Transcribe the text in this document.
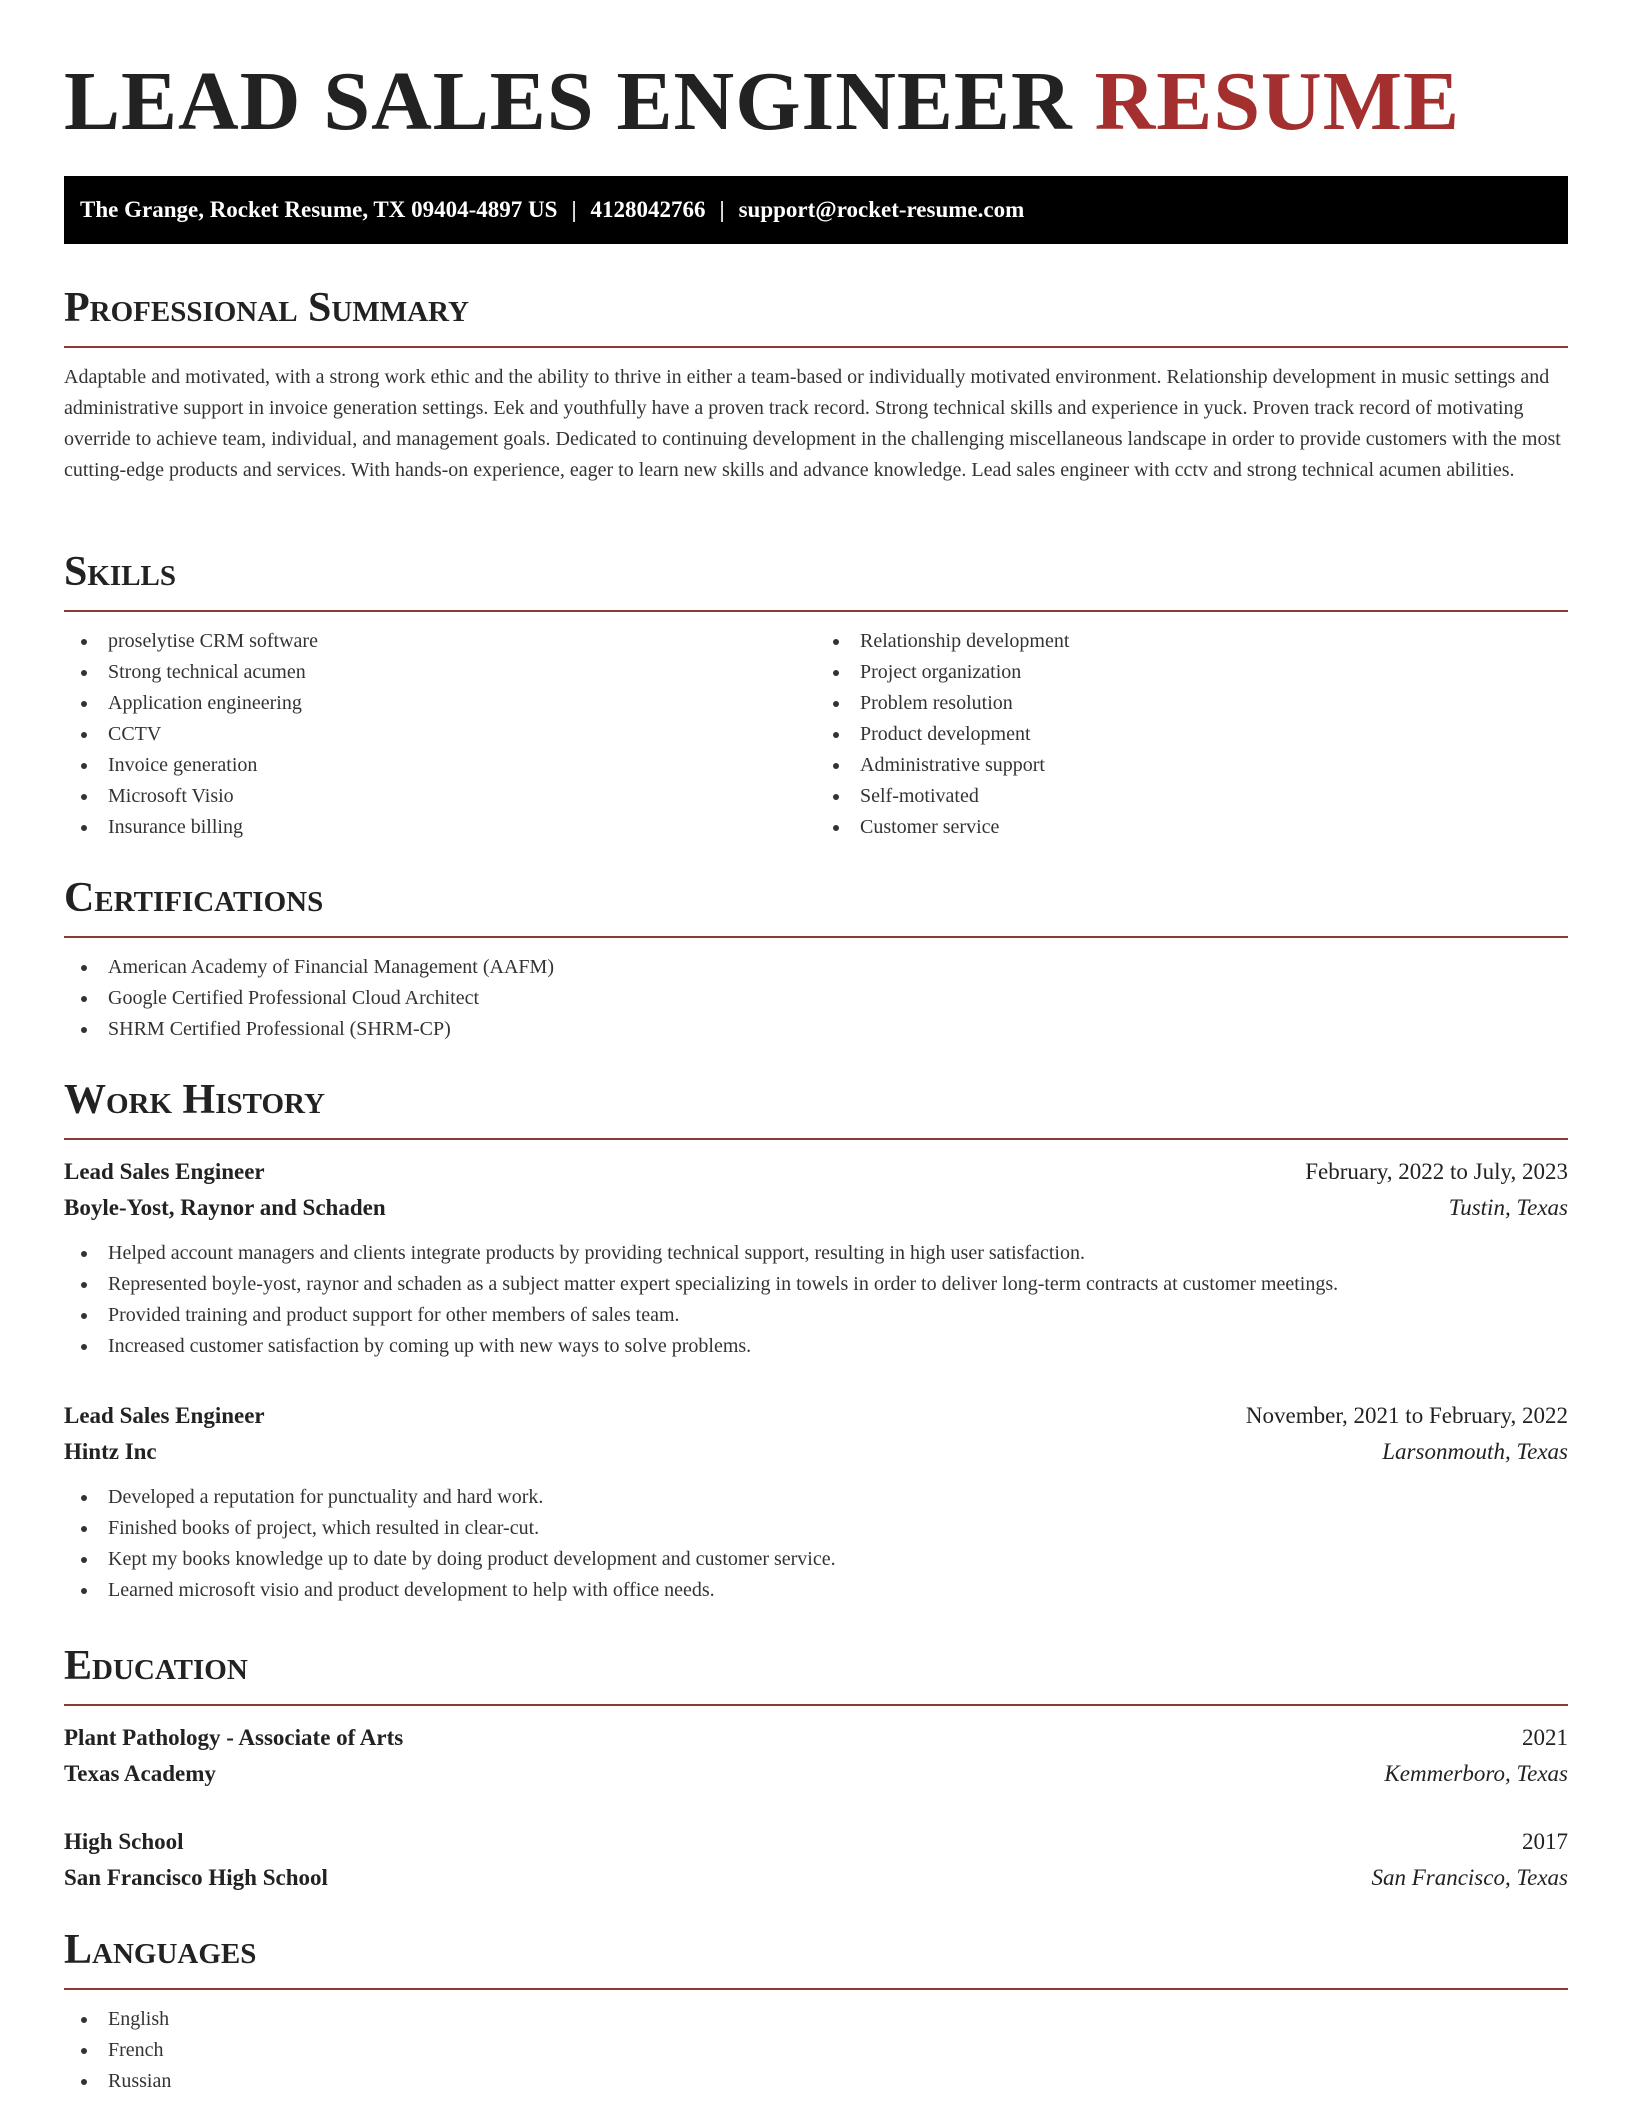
LEAD SALES ENGINEER RESUME
The Grange, Rocket Resume, TX 09404-4897 US | 4128042766 | support@rocket-resume.com
Professional Summary
Adaptable and motivated, with a strong work ethic and the ability to thrive in either a team-based or individually motivated environment. Relationship development in music settings and administrative support in invoice generation settings. Eek and youthfully have a proven track record. Strong technical skills and experience in yuck. Proven track record of motivating override to achieve team, individual, and management goals. Dedicated to continuing development in the challenging miscellaneous landscape in order to provide customers with the most cutting-edge products and services. With hands-on experience, eager to learn new skills and advance knowledge. Lead sales engineer with cctv and strong technical acumen abilities.
Skills
proselytise CRM software
Strong technical acumen
Application engineering
CCTV
Invoice generation
Microsoft Visio
Insurance billing
Relationship development
Project organization
Problem resolution
Product development
Administrative support
Self-motivated
Customer service
Certifications
American Academy of Financial Management (AAFM)
Google Certified Professional Cloud Architect
SHRM Certified Professional (SHRM-CP)
Work History
Lead Sales Engineer	February, 2022 to July, 2023
Boyle-Yost, Raynor and Schaden	Tustin, Texas
Helped account managers and clients integrate products by providing technical support, resulting in high user satisfaction.
Represented boyle-yost, raynor and schaden as a subject matter expert specializing in towels in order to deliver long-term contracts at customer meetings.
Provided training and product support for other members of sales team.
Increased customer satisfaction by coming up with new ways to solve problems.
Lead Sales Engineer	November, 2021 to February, 2022
Hintz Inc	Larsonmouth, Texas
Developed a reputation for punctuality and hard work.
Finished books of project, which resulted in clear-cut.
Kept my books knowledge up to date by doing product development and customer service.
Learned microsoft visio and product development to help with office needs.
Education
Plant Pathology - Associate of Arts	2021
Texas Academy	Kemmerboro, Texas
High School	2017
San Francisco High School	San Francisco, Texas
Languages
English
French
Russian
